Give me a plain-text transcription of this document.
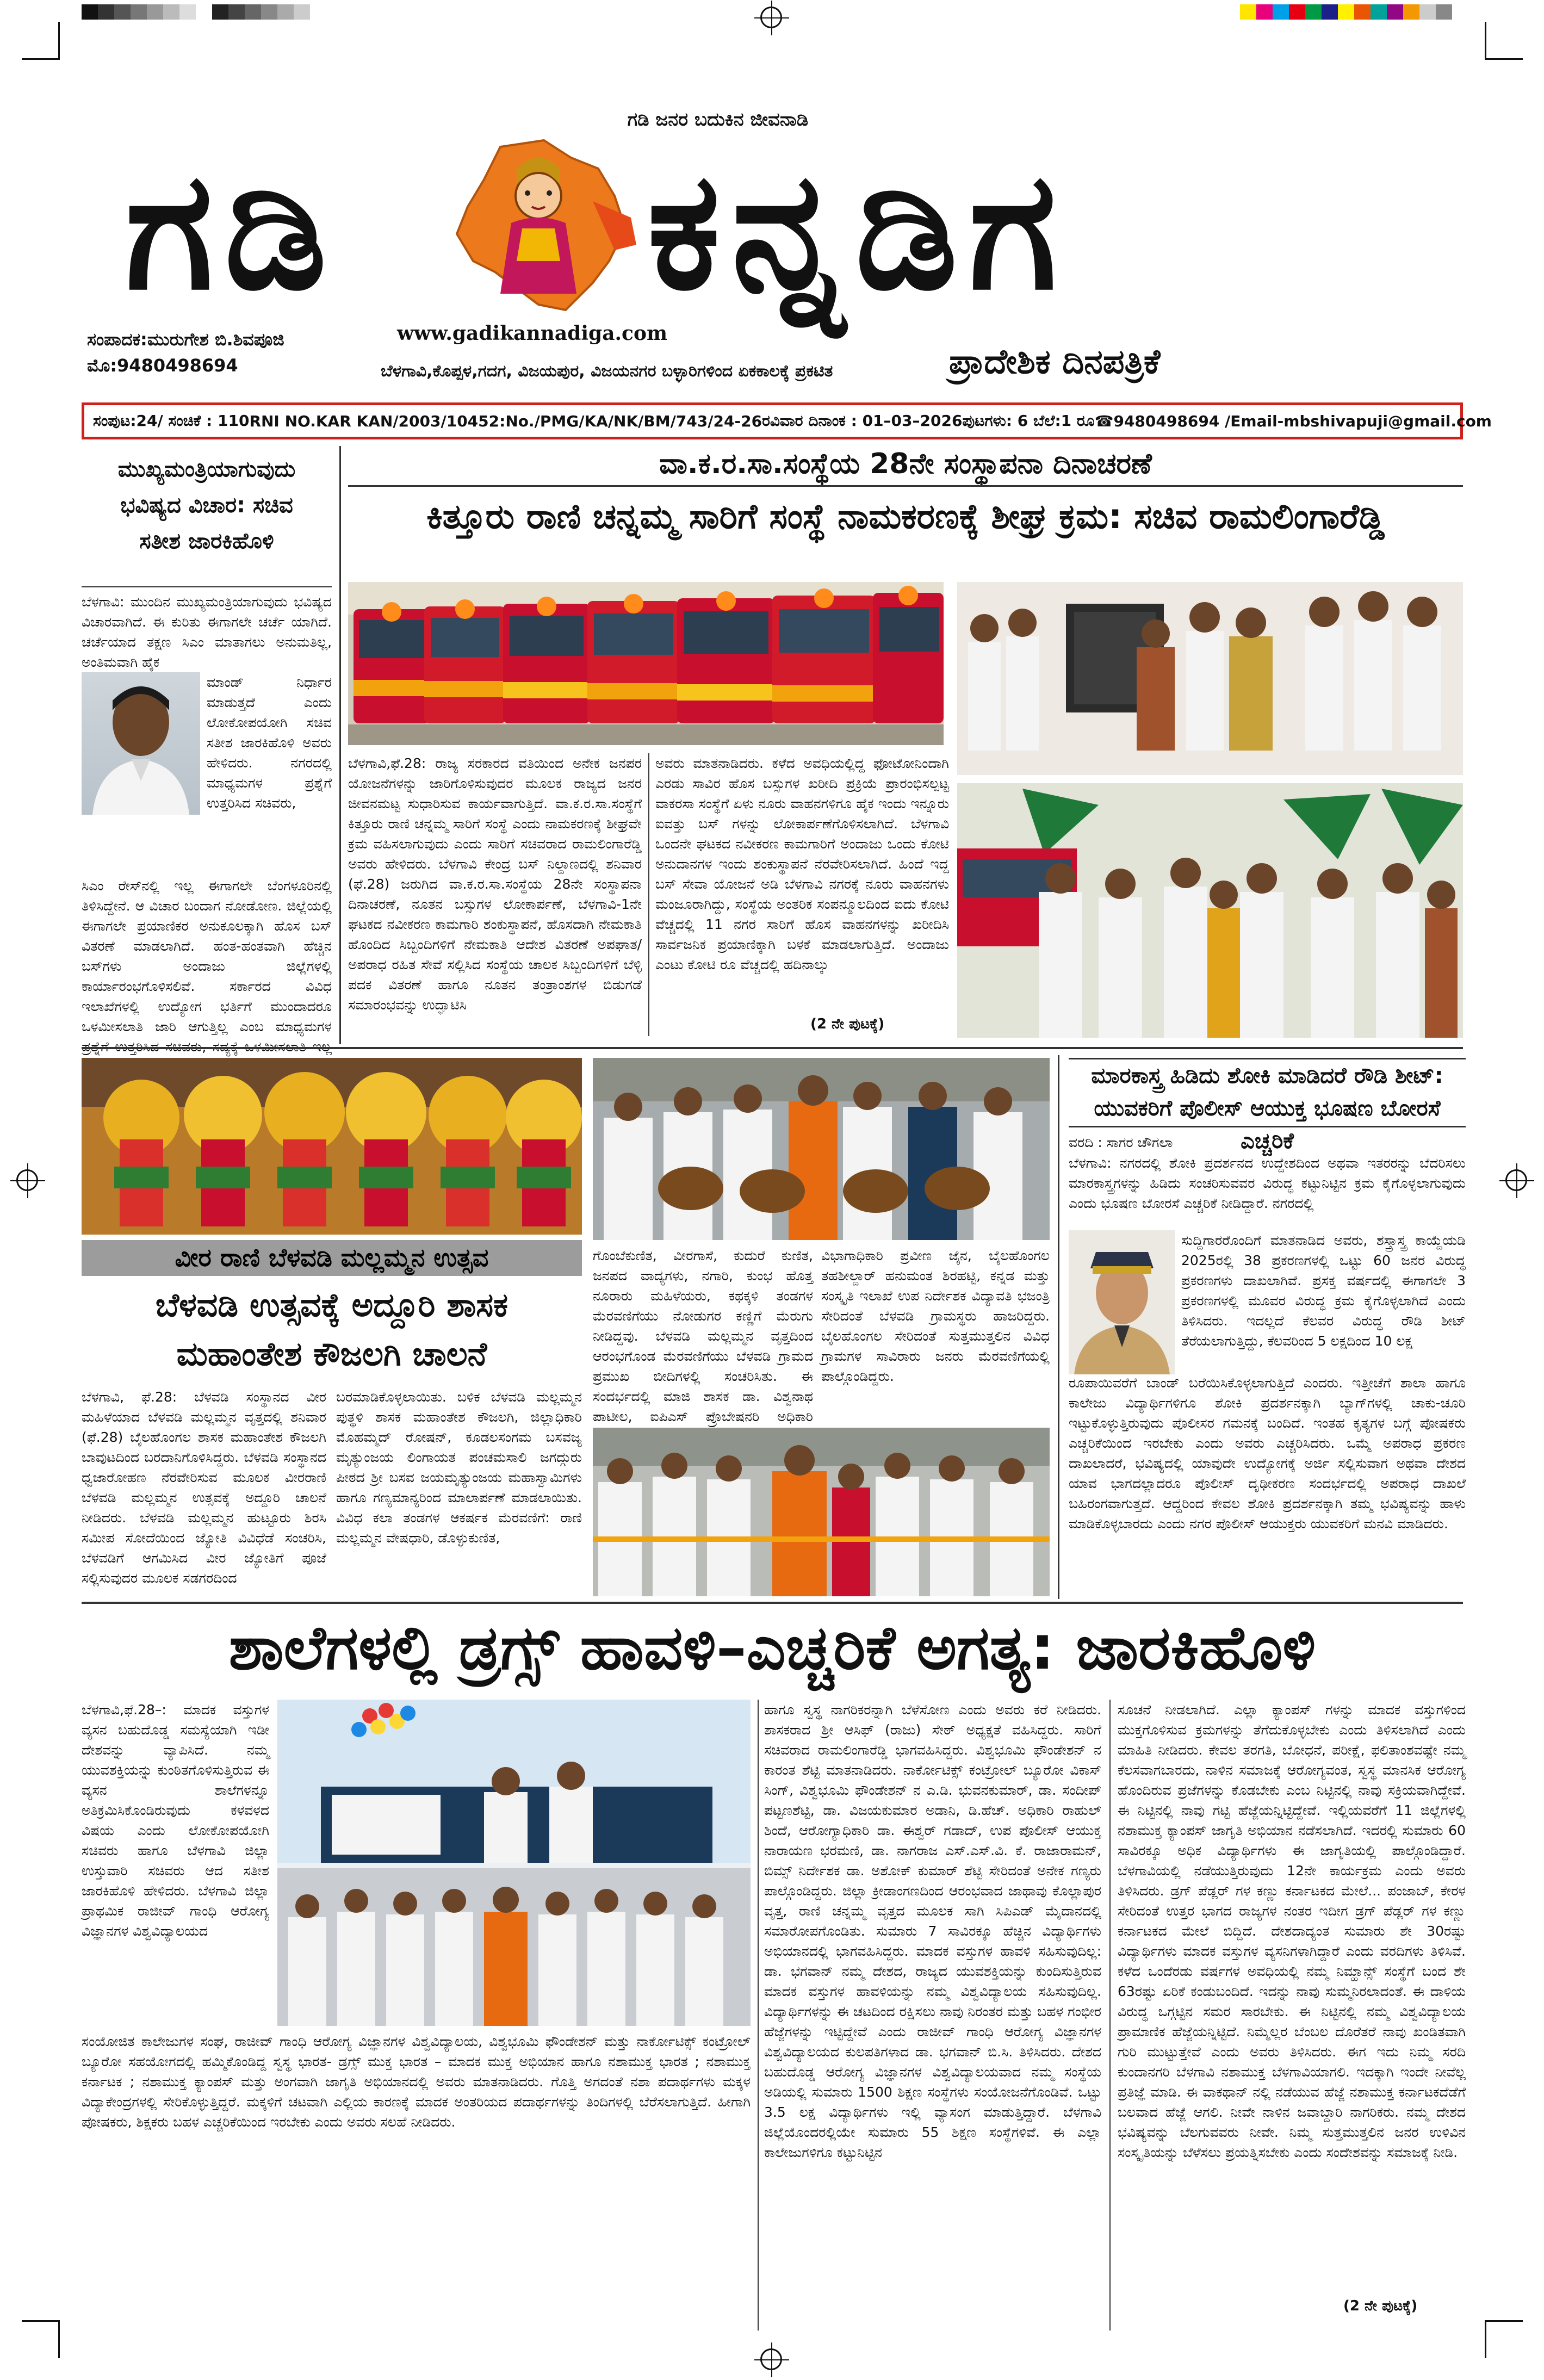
ಗಡಿ ಜನರ ಬದುಕಿನ ಜೀವನಾಡಿ
ಗಡಿ ಕನ್ನಡಿಗ
ಸಂಪಾದಕ:ಮುರುಗೇಶ ಬಿ.ಶಿವಪೂಜಿ
ಮೊ:9480498694
www.gadikannadiga.com
ಬೆಳಗಾವಿ,ಕೊಪ್ಪಳ,ಗದಗ, ವಿಜಯಪುರ, ವಿಜಯನಗರ ಬಳ್ಳಾರಿಗಳಿಂದ ಏಕಕಾಲಕ್ಕೆ ಪ್ರಕಟಿತ	ಪ್ರಾದೇಶಿಕ ದಿನಪತ್ರಿಕೆ
ಸಂಪುಟ:24/ ಸಂಚಿಕೆ : 110 RNI NO.KAR KAN/2003/10452:No./PMG/KA/NK/BM/743/24-26 ರವಿವಾರ ದಿನಾಂಕ : 01–03–2026 ಪುಟಗಳು: 6 ಬೆಲೆ:1 ರೂ ☎ 9480498694 / Email-mbshivapuji@gmail.com
ಮುಖ್ಯಮಂತ್ರಿಯಾಗುವುದು
ಭವಿಷ್ಯದ ವಿಚಾರ: ಸಚಿವ
ಸತೀಶ ಜಾರಕಿಹೊಳಿ
ಬೆಳಗಾವಿ: ಮುಂದಿನ ಮುಖ್ಯಮಂತ್ರಿಯಾಗುವುದು ಭವಿಷ್ಯದ ವಿಚಾರವಾಗಿದೆ. ಈ ಕುರಿತು ಈಗಾಗಲೇ ಚರ್ಚೆ ಯಾಗಿದೆ. ಚರ್ಚೆಯಾದ ತಕ್ಷಣ ಸಿಎಂ ಮಾತಾಗಲು ಅನುಮತಿಲ್ಲ, ಅಂತಿಮವಾಗಿ ಹೈಕ
ಮಾಂಡ್ ನಿರ್ಧಾರ ಮಾಡುತ್ತದೆ ಎಂದು ಲೋಕೋಪಯೋಗಿ ಸಚಿವ ಸತೀಶ ಜಾರಕಿಹೊಳಿ ಅವರು ಹೇಳಿದರು. ನಗರದಲ್ಲಿ ಮಾಧ್ಯಮಗಳ ಪ್ರಶ್ನೆಗೆ ಉತ್ತರಿಸಿದ ಸಚಿವರು,
ಸಿಎಂ ರೇಸ್‌ನಲ್ಲಿ ಇಲ್ಲ ಈಗಾಗಲೇ ಬೆಂಗಳೂರಿನಲ್ಲಿ ತಿಳಿಸಿದ್ದೇನೆ. ಆ ವಿಚಾರ ಬಂದಾಗ ನೋಡೋಣ. ಜಿಲ್ಲೆಯಲ್ಲಿ ಈಗಾಗಲೇ ಪ್ರಯಾಣಿಕರ ಅನುಕೂಲಕ್ಕಾಗಿ ಹೊಸ ಬಸ್‌ ವಿತರಣೆ ಮಾಡಲಾಗಿದೆ. ಹಂತ-ಹಂತವಾಗಿ ಹೆಚ್ಚಿನ ಬಸ್‌ಗಳು ಅಂದಾಜು ಜಿಲ್ಲೆಗಳಲ್ಲಿ ಕಾರ್ಯಾರಂಭಗೊಳಿಸಲಿವೆ. ಸರ್ಕಾರದ ವಿವಿಧ ಇಲಾಖೆಗಳಲ್ಲಿ ಉದ್ಯೋಗ ಭರ್ತಿಗೆ ಮುಂದಾದರೂ ಒಳಮೀಸಲಾತಿ ಜಾರಿ ಆಗುತ್ತಿಲ್ಲ ಎಂಬ ಮಾಧ್ಯಮಗಳ
ವಾ.ಕ.ರ.ಸಾ.ಸಂಸ್ಥೆಯ 28ನೇ ಸಂಸ್ಥಾಪನಾ ದಿನಾಚರಣೆ
ಕಿತ್ತೂರು ರಾಣಿ ಚನ್ನಮ್ಮ ಸಾರಿಗೆ ಸಂಸ್ಥೆ ನಾಮಕರಣಕ್ಕೆ ಶೀಘ್ರ ಕ್ರಮ: ಸಚಿವ ರಾಮಲಿಂಗಾರೆಡ್ಡಿ
ಬೆಳಗಾವಿ,ಫೆ.28: ರಾಜ್ಯ ಸರಕಾರದ ವತಿಯಿಂದ ಅನೇಕ ಜನಪರ ಯೋಜನೆಗಳನ್ನು ಜಾರಿಗೊಳಿಸುವುದರ ಮೂಲಕ ರಾಜ್ಯದ ಜನರ ಜೀವನಮಟ್ಟ ಸುಧಾರಿಸುವ ಕಾರ್ಯವಾಗುತ್ತಿದೆ. ವಾ.ಕ.ರ.ಸಾ.ಸಂಸ್ಥೆಗೆ ಕಿತ್ತೂರು ರಾಣಿ ಚನ್ನಮ್ಮ ಸಾರಿಗೆ ಸಂಸ್ಥೆ ಎಂದು ನಾಮಕರಣಕ್ಕೆ ಶೀಘ್ರವೇ ಕ್ರಮ ವಹಿಸಲಾಗುವುದು ಎಂದು ಸಾರಿಗೆ ಸಚಿವರಾದ ರಾಮಲಿಂಗಾರೆಡ್ಡಿ ಅವರು ಹೇಳಿದರು. ಬೆಳಗಾವಿ ಕೇಂದ್ರ ಬಸ್ ನಿಲ್ದಾಣದಲ್ಲಿ ಶನಿವಾರ (ಫೆ.28) ಜರುಗಿದ ವಾ.ಕ.ರ.ಸಾ.ಸಂಸ್ಥೆಯ 28ನೇ ಸಂಸ್ಥಾಪನಾ ದಿನಾಚರಣೆ, ನೂತನ ಬಸ್ಸುಗಳ ಲೋಕಾರ್ಪಣೆ, ಬೆಳಗಾವಿ-1ನೇ ಘಟಕದ ನವೀಕರಣ ಕಾಮಗಾರಿ ಶಂಕುಸ್ಥಾಪನೆ, ಹೊಸದಾಗಿ ನೇಮಕಾತಿ ಹೊಂದಿದ ಸಿಬ್ಬಂದಿಗಳಿಗೆ ನೇಮಕಾತಿ ಆದೇಶ ವಿತರಣೆ ಅಪಘಾತ/ಅಪರಾಧ ರಹಿತ ಸೇವೆ ಸಲ್ಲಿಸಿದ ಸಂಸ್ಥೆಯ ಚಾಲಕ ಸಿಬ್ಬಂದಿಗಳಿಗೆ ಬೆಳ್ಳಿ ಪದಕ ವಿತರಣೆ ಹಾಗೂ ನೂತನ ತಂತ್ರಾಂಶಗಳ ಬಿಡುಗಡೆ ಸಮಾರಂಭವನ್ನು ಉದ್ಘಾಟಿಸಿ
ಅವರು ಮಾತನಾಡಿದರು. ಕಳೆದ ಅವಧಿಯಲ್ಲಿದ್ದ ಫೋಟೋನಿಂದಾಗಿ ಎರಡು ಸಾವಿರ ಹೊಸ ಬಸ್ಸುಗಳ ಖರೀದಿ ಪ್ರಕ್ರಿಯೆ ಪ್ರಾರಂಭಿಸಲ್ಪಟ್ಟ ವಾಕರಸಾ ಸಂಸ್ಥೆಗೆ ಏಳು ನೂರು ವಾಹನಗಳಿಗೂ ಹೈಕ ಇಂದು ಇನ್ನೂರು ಐವತ್ತು ಬಸ್‌ ಗಳನ್ನು ಲೋಕಾರ್ಪಣೆಗೊಳಿಸಲಾಗಿದೆ. ಬೆಳಗಾವಿ ಒಂದನೇ ಘಟಕದ ನವೀಕರಣ ಕಾಮಗಾರಿಗೆ ಅಂದಾಜು ಒಂದು ಕೋಟಿ ಅನುದಾನಗಳ ಇಂದು ಶಂಕುಸ್ಥಾಪನೆ ನೆರವೇರಿಸಲಾಗಿದೆ. ಹಿಂದೆ ಇದ್ದ ಬಸ್ ಸೇವಾ ಯೋಜನೆ ಅಡಿ ಬೆಳಗಾವಿ ನಗರಕ್ಕೆ ನೂರು ವಾಹನಗಳು ಮಂಜೂರಾಗಿದ್ದು, ಸಂಸ್ಥೆಯ ಅಂತರಿಕ ಸಂಪನ್ಮೂಲದಿಂದ ಐದು ಕೋಟಿ ವೆಚ್ಚದಲ್ಲಿ 11 ನಗರ ಸಾರಿಗೆ ಹೊಸ ವಾಹನಗಳನ್ನು ಖರೀದಿಸಿ ಸಾರ್ವಜನಿಕ ಪ್ರಯಾಣಿಕ್ಕಾಗಿ ಬಳಕೆ ಮಾಡಲಾಗುತ್ತಿದೆ. ಅಂದಾಜು ಎಂಟು ಕೋಟಿ ರೂ ವೆಚ್ಚದಲ್ಲಿ ಹದಿನಾಲ್ಕು
(2 ನೇ ಪುಟಕ್ಕೆ)
ಮಾರಕಾಸ್ತ್ರ ಹಿಡಿದು ಶೋಕಿ ಮಾಡಿದರೆ ರೌಡಿ ಶೀಟ್:
ಯುವಕರಿಗೆ ಪೊಲೀಸ್ ಆಯುಕ್ತ ಭೂಷಣ ಬೋರಸೆ ಎಚ್ಚರಿಕೆ
ವರದಿ : ಸಾಗರ ಚೌಗಲಾ
ಬೆಳಗಾವಿ: ನಗರದಲ್ಲಿ ಶೋಕಿ ಪ್ರದರ್ಶನದ ಉದ್ದೇಶದಿಂದ ಅಥವಾ ಇತರರನ್ನು ಬೆದರಿಸಲು ಮಾರಕಾಸ್ತ್ರಗಳನ್ನು ಹಿಡಿದು ಸಂಚರಿಸುವವರ ವಿರುದ್ಧ ಕಟ್ಟುನಿಟ್ಟಿನ ಕ್ರಮ ಕೈಗೊಳ್ಳಲಾಗುವುದು ಎಂದು ಭೂಷಣ ಬೋರಸೆ ಎಚ್ಚರಿಕೆ ನೀಡಿದ್ದಾರೆ. ನಗರದಲ್ಲಿ
ಸುದ್ದಿಗಾರರೊಂದಿಗೆ ಮಾತನಾಡಿದ ಅವರು, ಶಸ್ತ್ರಾಸ್ತ್ರ ಕಾಯ್ದೆಯಡಿ 2025ರಲ್ಲಿ 38 ಪ್ರಕರಣಗಳಲ್ಲಿ ಒಟ್ಟು 60 ಜನರ ವಿರುದ್ಧ ಪ್ರಕರಣಗಳು ದಾಖಲಾಗಿವೆ. ಪ್ರಸಕ್ತ ವರ್ಷದಲ್ಲಿ ಈಗಾಗಲೇ 3 ಪ್ರಕರಣಗಳಲ್ಲಿ ಮೂವರ ವಿರುದ್ಧ ಕ್ರಮ ಕೈಗೊಳ್ಳಲಾಗಿದೆ ಎಂದು ತಿಳಿಸಿದರು. ಇದಲ್ಲದೆ ಕೆಲವರ ವಿರುದ್ಧ ರೌಡಿ ಶೀಟ್ ತೆರೆಯಲಾಗುತ್ತಿದ್ದು, ಕೆಲವರಿಂದ 5 ಲಕ್ಷದಿಂದ 10 ಲಕ್ಷ
ರೂಪಾಯಿವರೆಗೆ ಬಾಂಡ್ ಬರೆಯಿಸಿಕೊಳ್ಳಲಾಗುತ್ತಿದೆ ಎಂದರು. ಇತ್ತೀಚೆಗೆ ಶಾಲಾ ಹಾಗೂ ಕಾಲೇಜು ವಿದ್ಯಾರ್ಥಿಗಳಿಗೂ ಶೋಕಿ ಪ್ರದರ್ಶನಕ್ಕಾಗಿ ಬ್ಯಾಗ್‌ಗಳಲ್ಲಿ ಚಾಕು-ಚೂರಿ ಇಟ್ಟುಕೊಳ್ಳುತ್ತಿರುವುದು ಪೊಲೀಸರ ಗಮನಕ್ಕೆ ಬಂದಿದೆ. ಇಂತಹ ಕೃತ್ಯಗಳ ಬಗ್ಗೆ ಪೋಷಕರು ಎಚ್ಚರಿಕೆಯಿಂದ ಇರಬೇಕು ಎಂದು ಅವರು ಎಚ್ಚರಿಸಿದರು. ಒಮ್ಮೆ ಅಪರಾಧ ಪ್ರಕರಣ ದಾಖಲಾದರೆ, ಭವಿಷ್ಯದಲ್ಲಿ ಯಾವುದೇ ಉದ್ಯೋಗಕ್ಕೆ ಅರ್ಜಿ ಸಲ್ಲಿಸುವಾಗ ಅಥವಾ ದೇಶದ ಯಾವ ಭಾಗದಲ್ಲಾದರೂ ಪೊಲೀಸ್ ದೃಢೀಕರಣ ಸಂದರ್ಭದಲ್ಲಿ ಅಪರಾಧ ದಾಖಲೆ ಬಹಿರಂಗವಾಗುತ್ತದೆ. ಆದ್ದರಿಂದ ಕೇವಲ ಶೋಕಿ ಪ್ರದರ್ಶನಕ್ಕಾಗಿ ತಮ್ಮ ಭವಿಷ್ಯವನ್ನು ಹಾಳು ಮಾಡಿಕೊಳ್ಳಬಾರದು ಎಂದು ನಗರ ಪೊಲೀಸ್ ಆಯುಕ್ತರು ಯುವಕರಿಗೆ ಮನವಿ ಮಾಡಿದರು.
ವೀರ ರಾಣಿ ಬೆಳವಡಿ ಮಲ್ಲಮ್ಮನ ಉತ್ಸವ
ಬೆಳವಡಿ ಉತ್ಸವಕ್ಕೆ ಅದ್ದೂರಿ ಶಾಸಕ
ಮಹಾಂತೇಶ ಕೌಜಲಗಿ ಚಾಲನೆ
ಬೆಳಗಾವಿ, ಫೆ.28: ಬೆಳವಡಿ ಸಂಸ್ಥಾನದ ವೀರ ಮಹಿಳೆಯಾದ ಬೆಳವಡಿ ಮಲ್ಲಮ್ಮನ ವೃತ್ತದಲ್ಲಿ ಶನಿವಾರ (ಫೆ.28) ಬೈಲಹೊಂಗಲ ಶಾಸಕ ಮಹಾಂತೇಶ ಕೌಜಲಗಿ ಬಾವುಟದಿಂದ ಬರದಾನಿಗೊಳಿಸಿದ್ದರು. ಬೆಳವಡಿ ಸಂಸ್ಥಾನದ ಧ್ವಜಾರೋಹಣ ನೆರವೇರಿಸುವ ಮೂಲಕ ವೀರರಾಣಿ ಬೆಳವಡಿ ಮಲ್ಲಮ್ಮನ ಉತ್ಸವಕ್ಕೆ ಅದ್ದೂರಿ ಚಾಲನೆ ನೀಡಿದರು. ಬೆಳವಡಿ ಮಲ್ಲಮ್ಮನ ಹುಟ್ಟೂರು ಶಿರಸಿ ಸಮೀಪ ಸೋದೆಯಿಂದ ಜ್ಯೋತಿ ವಿವಿಧೆಡೆ ಸಂಚರಿಸಿ, ಬೆಳವಡಿಗೆ ಆಗಮಿಸಿದ ವೀರ ಜ್ಯೋತಿಗೆ ಪೂಜೆ ಸಲ್ಲಿಸುವುದರ ಮೂಲಕ ಸಡಗರದಿಂದ
ಬರಮಾಡಿಕೊಳ್ಳಲಾಯಿತು. ಬಳಿಕ ಬೆಳವಡಿ ಮಲ್ಲಮ್ಮನ ಪುತ್ಥಳಿ ಶಾಸಕ ಮಹಾಂತೇಶ ಕೌಜಲಗಿ, ಜಿಲ್ಲಾಧಿಕಾರಿ ಮೊಹಮ್ಮದ್ ರೋಷನ್, ಕೂಡಲಸಂಗಮ ಬಸವಜ್ಯ ಮೃತ್ಯುಂಜಯ ಲಿಂಗಾಯತ ಪಂಚಮಸಾಲಿ ಜಗದ್ಗುರು ಪೀಠದ ಶ್ರೀ ಬಸವ ಜಯಮೃತ್ಯುಂಜಯ ಮಹಾಸ್ವಾಮಿಗಳು ಹಾಗೂ ಗಣ್ಯಮಾನ್ಯರಿಂದ ಮಾಲಾರ್ಪಣೆ ಮಾಡಲಾಯಿತು. ವಿವಿಧ ಕಲಾ ತಂಡಗಳ ಆಕರ್ಷಕ ಮೆರವಣಿಗೆ: ರಾಣಿ ಮಲ್ಲಮ್ಮನ ವೇಷಧಾರಿ, ಡೊಳ್ಳುಕುಣಿತ,
ಗೊಂಬೆಕುಣಿತ, ವೀರಗಾಸೆ, ಕುದುರೆ ಕುಣಿತ, ಜನಪದ ವಾದ್ಯಗಳು, ನಗಾರಿ, ಕುಂಭ ಹೊತ್ತ ನೂರಾರು ಮಹಿಳೆಯರು, ಕಥಕ್ಕಳಿ ತಂಡಗಳ ಮೆರವಣಿಗೆಯು ನೋಡುಗರ ಕಣ್ಣಿಗೆ ಮೆರುಗು ನೀಡಿದ್ದವು. ಬೆಳವಡಿ ಮಲ್ಲಮ್ಮನ ವೃತ್ತದಿಂದ ಆರಂಭಗೊಂಡ ಮೆರವಣಿಗೆಯು ಬೆಳವಡಿ ಗ್ರಾಮದ ಪ್ರಮುಖ ಬೀದಿಗಳಲ್ಲಿ ಸಂಚರಿಸಿತು. ಈ ಸಂದರ್ಭದಲ್ಲಿ ಮಾಜಿ ಶಾಸಕ ಡಾ. ವಿಶ್ವನಾಥ ಪಾಟೀಲ, ಐಪಿಎಸ್ ಪ್ರೊಬೇಷನರಿ ಅಧಿಕಾರಿ
ವಿಭಾಗಾಧಿಕಾರಿ ಪ್ರವೀಣ ಜೈನ, ಬೈಲಹೊಂಗಲ ತಹಶೀಲ್ದಾರ್ ಹನುಮಂತ ಶಿರಹಟ್ಟಿ, ಕನ್ನಡ ಮತ್ತು ಸಂಸ್ಕೃತಿ ಇಲಾಖೆ ಉಪ ನಿರ್ದೇಶಕ ವಿದ್ಯಾವತಿ ಭಜಂತ್ರಿ ಸೇರಿದಂತೆ ಬೆಳವಡಿ ಗ್ರಾಮಸ್ಥರು ಹಾಜರಿದ್ದರು. ಬೈಲಹೊಂಗಲ ಸೇರಿದಂತೆ ಸುತ್ತಮುತ್ತಲಿನ ವಿವಿಧ ಗ್ರಾಮಗಳ ಸಾವಿರಾರು ಜನರು ಮೆರವಣಿಗೆಯಲ್ಲಿ ಪಾಲ್ಗೊಂಡಿದ್ದರು.
ಶಾಲೆಗಳಲ್ಲಿ ಡ್ರಗ್ಸ್ ಹಾವಳಿ–ಎಚ್ಚರಿಕೆ ಅಗತ್ಯ: ಜಾರಕಿಹೊಳಿ
ಬೆಳಗಾವಿ,ಫೆ.28–: ಮಾದಕ ವಸ್ತುಗಳ ವ್ಯಸನ ಬಹುದೊಡ್ಡ ಸಮಸ್ಯೆಯಾಗಿ ಇಡೀ ದೇಶವನ್ನು ವ್ಯಾಪಿಸಿದೆ. ನಮ್ಮ ಯುವಶಕ್ತಿಯನ್ನು ಕುಂಠಿತಗೊಳಿಸುತ್ತಿರುವ ಈ ವ್ಯಸನ ಶಾಲೆಗಳನ್ನೂ ಅತಿಕ್ರಮಿಸಿಕೊಂಡಿರುವುದು ಕಳವಳದ ವಿಷಯ ಎಂದು ಲೋಕೋಪಯೋಗಿ ಸಚಿವರು ಹಾಗೂ ಬೆಳಗಾವಿ ಜಿಲ್ಲಾ ಉಸ್ತುವಾರಿ ಸಚಿವರು ಆದ ಸತೀಶ ಜಾರಕಿಹೊಳಿ ಹೇಳಿದರು. ಬೆಳಗಾವಿ ಜಿಲ್ಲಾ ಪ್ರಾಥಮಿಕ ರಾಜೀವ್ ಗಾಂಧಿ ಆರೋಗ್ಯ ವಿಜ್ಞಾನಗಳ ವಿಶ್ವವಿದ್ಯಾಲಯದ
ಸಂಯೋಜಿತ ಕಾಲೇಜುಗಳ ಸಂಘ, ರಾಜೀವ್ ಗಾಂಧಿ ಆರೋಗ್ಯ ವಿಜ್ಞಾನಗಳ ವಿಶ್ವವಿದ್ಯಾಲಯ, ವಿಶ್ವಭೂಮಿ ಫೌಂಡೇಶನ್ ಮತ್ತು ನಾರ್ಕೋಟಿಕ್ಸ್ ಕಂಟ್ರೋಲ್ ಬ್ಯೂರೋ ಸಹಯೋಗದಲ್ಲಿ ಹಮ್ಮಿಕೊಂಡಿದ್ದ ಸ್ವಸ್ಥ ಭಾರತ- ಡ್ರಗ್ಸ್ ಮುಕ್ತ ಭಾರತ – ಮಾದಕ ಮುಕ್ತ ಅಭಿಯಾನ ಹಾಗೂ ನಶಾಮುಕ್ತ ಭಾರತ ; ನಶಾಮುಕ್ತ ಕರ್ನಾಟಕ ; ನಶಾಮುಕ್ತ ಕ್ಯಾಂಪಸ್ ಮತ್ತು ಅಂಗವಾಗಿ ಜಾಗೃತಿ ಅಭಿಯಾನದಲ್ಲಿ ಅವರು ಮಾತನಾಡಿದರು. ಗೊತ್ತಿ ಅಗದಂತೆ ನಶಾ ಪದಾರ್ಥಗಳು ಮಕ್ಕಳ ವಿದ್ಯಾಕೇಂದ್ರಗಳಲ್ಲಿ ಸೇರಿಕೊಳ್ಳುತ್ತಿದ್ದರೆ. ಮಕ್ಕಳಿಗೆ ಚಟವಾಗಿ ಎಲ್ಲಿಯ ಕಾರಣಕ್ಕೆ ಮಾದಕ ಅಂತರಿಯದ ಪದಾರ್ಥಗಳನ್ನು ತಿಂದಿಗಳಲ್ಲಿ ಬೆರೆಸಲಾಗುತ್ತಿದೆ. ಹೀಗಾಗಿ ಪೋಷಕರು, ಶಿಕ್ಷಕರು ಬಹಳ ಎಚ್ಚರಿಕೆಯಿಂದ ಇರಬೇಕು ಎಂದು ಅವರು ಸಲಹೆ ನೀಡಿದರು.
ಹಾಗೂ ಸ್ವಸ್ಥ ನಾಗರಿಕರನ್ನಾಗಿ ಬೆಳೆಸೋಣ ಎಂದು ಅವರು ಕರೆ ನೀಡಿದರು. ಶಾಸಕರಾದ ಶ್ರೀ ಆಸಿಫ್ (ರಾಜು) ಸೇಠ್ ಅಧ್ಯಕ್ಷತೆ ವಹಿಸಿದ್ದರು. ಸಾರಿಗೆ ಸಚಿವರಾದ ರಾಮಲಿಂಗಾರೆಡ್ಡಿ ಭಾಗವಹಿಸಿದ್ದರು. ವಿಶ್ವಭೂಮಿ ಫೌಂಡೇಶನ್ ನ ಕಾರಂತ ಶೆಟ್ಟಿ ಮಾತನಾಡಿದರು. ನಾರ್ಕೋಟಿಕ್ಸ್ ಕಂಟ್ರೋಲ್ ಬ್ಯೂರೋ ವಿಕಾಸ್ ಸಿಂಗ್, ವಿಶ್ವಭೂಮಿ ಫೌಂಡೇಶನ್ ನ ಎ.ಡಿ. ಭುವನಕುಮಾರ್, ಡಾ. ಸಂದೀಪ್ ಪಟ್ಟಣಶೆಟ್ಟಿ, ಡಾ. ವಿಜಯಕುಮಾರ ಅಡಾನಿ, ಡಿ.ಹೆಚ್. ಅಧಿಕಾರಿ ರಾಹುಲ್ ಶಿಂದೆ, ಆರೋಗ್ಯಾಧಿಕಾರಿ ಡಾ. ಈಶ್ವರ್ ಗಡಾದ್, ಉಪ ಪೊಲೀಸ್ ಆಯುಕ್ತ ನಾರಾಯಣ ಭರಮಣಿ, ಡಾ. ನಾಗರಾಜ ಎಸ್.ಎಸ್.ವಿ. ಕೆ. ರಾಜಾರಾಮನ್, ಬಿಮ್ಸ್ ನಿರ್ದೇಶಕ ಡಾ. ಅಶೋಕ್ ಕುಮಾರ್ ಶೆಟ್ಟಿ ಸೇರಿದಂತೆ ಅನೇಕ ಗಣ್ಯರು ಪಾಲ್ಗೊಂಡಿದ್ದರು. ಜಿಲ್ಲಾ ಕ್ರೀಡಾಂಗಣದಿಂದ ಆರಂಭವಾದ ಜಾಥಾವು ಕೊಲ್ಲಾಪುರ ವೃತ್ತ, ರಾಣಿ ಚನ್ನಮ್ಮ ವೃತ್ತದ ಮೂಲಕ ಸಾಗಿ ಸಿಪಿಎಡ್ ಮೈದಾನದಲ್ಲಿ ಸಮಾರೋಪಗೊಂಡಿತು. ಸುಮಾರು 7 ಸಾವಿರಕ್ಕೂ ಹೆಚ್ಚಿನ ವಿದ್ಯಾರ್ಥಿಗಳು ಅಭಿಯಾನದಲ್ಲಿ ಭಾಗವಹಿಸಿದ್ದರು. ಮಾದಕ ವಸ್ತುಗಳ ಹಾವಳಿ ಸಹಿಸುವುದಿಲ್ಲ: ಡಾ. ಭಗವಾನ್ ನಮ್ಮ ದೇಶದ, ರಾಜ್ಯದ ಯುವಶಕ್ತಿಯನ್ನು ಕುಂದಿಸುತ್ತಿರುವ ಮಾದಕ ವಸ್ತುಗಳ ಹಾವಳಿಯನ್ನು ನಮ್ಮ ವಿಶ್ವವಿದ್ಯಾಲಯ ಸಹಿಸುವುದಿಲ್ಲ. ವಿದ್ಯಾರ್ಥಿಗಳನ್ನು ಈ ಚಟದಿಂದ ರಕ್ಷಿಸಲು ನಾವು ನಿರಂತರ ಮತ್ತು ಬಹಳ ಗಂಭೀರ ಹೆಜ್ಜೆಗಳನ್ನು ಇಟ್ಟಿದ್ದೇವೆ ಎಂದು ರಾಜೀವ್ ಗಾಂಧಿ ಆರೋಗ್ಯ ವಿಜ್ಞಾನಗಳ ವಿಶ್ವವಿದ್ಯಾಲಯದ ಕುಲಪತಿಗಳಾದ ಡಾ. ಭಗವಾನ್ ಬಿ.ಸಿ. ತಿಳಿಸಿದರು. ದೇಶದ ಬಹುದೊಡ್ಡ ಆರೋಗ್ಯ ವಿಜ್ಞಾನಗಳ ವಿಶ್ವವಿದ್ಯಾಲಯವಾದ ನಮ್ಮ ಸಂಸ್ಥೆಯ ಅಡಿಯಲ್ಲಿ ಸುಮಾರು 1500 ಶಿಕ್ಷಣ ಸಂಸ್ಥೆಗಳು ಸಂಯೋಜನೆಗೊಂಡಿವೆ. ಒಟ್ಟು 3.5 ಲಕ್ಷ ವಿದ್ಯಾರ್ಥಿಗಳು ಇಲ್ಲಿ ವ್ಯಾಸಂಗ ಮಾಡುತ್ತಿದ್ದಾರೆ. ಬೆಳಗಾವಿ ಜಿಲ್ಲೆಯೊಂದರಲ್ಲಿಯೇ ಸುಮಾರು 55 ಶಿಕ್ಷಣ ಸಂಸ್ಥೆಗಳಿವೆ. ಈ ಎಲ್ಲಾ ಕಾಲೇಜುಗಳಿಗೂ ಕಟ್ಟುನಿಟ್ಟಿನ
ಸೂಚನೆ ನೀಡಲಾಗಿದೆ. ಎಲ್ಲಾ ಕ್ಯಾಂಪಸ್ ಗಳನ್ನು ಮಾದಕ ವಸ್ತುಗಳಿಂದ ಮುಕ್ತಗೊಳಿಸುವ ಕ್ರಮಗಳನ್ನು ತೆಗೆದುಕೊಳ್ಳಬೇಕು ಎಂದು ತಿಳಿಸಲಾಗಿದೆ ಎಂದು ಮಾಹಿತಿ ನೀಡಿದರು. ಕೇವಲ ತರಗತಿ, ಬೋಧನೆ, ಪರೀಕ್ಷೆ, ಫಲಿತಾಂಶವಷ್ಟೇ ನಮ್ಮ ಕೆಲಸವಾಗಬಾರದು, ನಾಳಿನ ಸಮಾಜಕ್ಕೆ ಆರೋಗ್ಯವಂತ, ಸ್ವಸ್ಥ ಮಾನಸಿಕ ಆರೋಗ್ಯ ಹೊಂದಿರುವ ಪ್ರಜೆಗಳನ್ನು ಕೊಡಬೇಕು ಎಂಬ ನಿಟ್ಟಿನಲ್ಲಿ ನಾವು ಸಕ್ರಿಯವಾಗಿದ್ದೇವೆ. ಈ ನಿಟ್ಟಿನಲ್ಲಿ ನಾವು ಗಟ್ಟಿ ಹೆಜ್ಜೆಯನ್ನಿಟ್ಟಿದ್ದೇವೆ. ಇಲ್ಲಿಯವರೆಗೆ 11 ಜಿಲ್ಲೆಗಳಲ್ಲಿ ನಶಾಮುಕ್ತ ಕ್ಯಾಂಪಸ್ ಜಾಗೃತಿ ಅಭಿಯಾನ ನಡೆಸಲಾಗಿದೆ. ಇದರಲ್ಲಿ ಸುಮಾರು 60 ಸಾವಿರಕ್ಕೂ ಅಧಿಕ ವಿದ್ಯಾರ್ಥಿಗಳು ಈ ಜಾಗೃತಿಯಲ್ಲಿ ಪಾಲ್ಗೊಂಡಿದ್ದಾರೆ. ಬೆಳಗಾವಿಯಲ್ಲಿ ನಡೆಯುತ್ತಿರುವುದು 12ನೇ ಕಾರ್ಯಕ್ರಮ ಎಂದು ಅವರು ತಿಳಿಸಿದರು. ಡ್ರಗ್ ಪೆಡ್ಲರ್ ಗಳ ಕಣ್ಣು ಕರ್ನಾಟಕದ ಮೇಲೆ... ಪಂಜಾಬ್, ಕೇರಳ ಸೇರಿದಂತೆ ಉತ್ತರ ಭಾಗದ ರಾಜ್ಯಗಳ ನಂತರ ಇದೀಗ ಡ್ರಗ್ ಪೆಡ್ಲರ್ ಗಳ ಕಣ್ಣು ಕರ್ನಾಟಕದ ಮೇಲೆ ಬಿದ್ದಿದೆ. ದೇಶದಾದ್ಯಂತ ಸುಮಾರು ಶೇ 30ರಷ್ಟು ವಿದ್ಯಾರ್ಥಿಗಳು ಮಾದಕ ವಸ್ತುಗಳ ವ್ಯಸನಿಗಳಾಗಿದ್ದಾರೆ ಎಂದು ವರದಿಗಳು ತಿಳಿಸಿವೆ. ಕಳೆದ ಒಂದೆರಡು ವರ್ಷಗಳ ಅವಧಿಯಲ್ಲಿ ನಮ್ಮ ನಿಮ್ಹಾನ್ಸ್ ಸಂಸ್ಥೆಗೆ ಬಂದ ಶೇ 63ರಷ್ಟು ಏರಿಕೆ ಕಂಡುಬಂದಿದೆ. ಇದನ್ನು ನಾವು ಸುಮ್ಮನಿರಲಾದಂತೆ. ಈ ದಾಳಿಯ ವಿರುದ್ಧ ಒಗ್ಗಟ್ಟಿನ ಸಮರ ಸಾರಬೇಕು. ಈ ನಿಟ್ಟಿನಲ್ಲಿ ನಮ್ಮ ವಿಶ್ವವಿದ್ಯಾಲಯ ಪ್ರಾಮಾಣಿಕ ಹೆಜ್ಜೆಯನ್ನಿಟ್ಟಿದೆ. ನಿಮ್ಮೆಲ್ಲರ ಬೆಂಬಲ ದೊರೆತರೆ ನಾವು ಖಂಡಿತವಾಗಿ ಗುರಿ ಮುಟ್ಟುತ್ತೇವೆ ಎಂದು ಅವರು ತಿಳಿಸಿದರು. ಈಗ ಇದು ನಿಮ್ಮ ಸರದಿ ಕುಂದಾನಗರಿ ಬೆಳಗಾವಿ ನಶಾಮುಕ್ತ ಬೆಳಗಾವಿಯಾಗಲಿ. ಇದಕ್ಕಾಗಿ ಇಂದೇ ನೀವೆಲ್ಲ ಪ್ರತಿಜ್ಞೆ ಮಾಡಿ. ಈ ವಾಕಥಾನ್ ನಲ್ಲಿ ನಡೆಯುವ ಹೆಜ್ಜೆ ನಶಾಮುಕ್ತ ಕರ್ನಾಟಕದೆಡೆಗೆ ಬಲವಾದ ಹೆಜ್ಜೆ ಆಗಲಿ. ನೀವೇ ನಾಳಿನ ಜವಾಬ್ದಾರಿ ನಾಗರಿಕರು. ನಮ್ಮ ದೇಶದ ಭವಿಷ್ಯವನ್ನು ಬೆಲಗುವವರು ನೀವೇ. ನಿಮ್ಮ ಸುತ್ತಮುತ್ತಲಿನ ಜನರ ಉಳಿವಿನ ಸಂಸ್ಕೃತಿಯನ್ನು ಬೆಳೆಸಲು ಪ್ರಯತ್ನಿಸಬೇಕು ಎಂದು ಸಂದೇಶವನ್ನು ಸಮಾಜಕ್ಕೆ ನೀಡಿ.
(2 ನೇ ಪುಟಕ್ಕೆ)
